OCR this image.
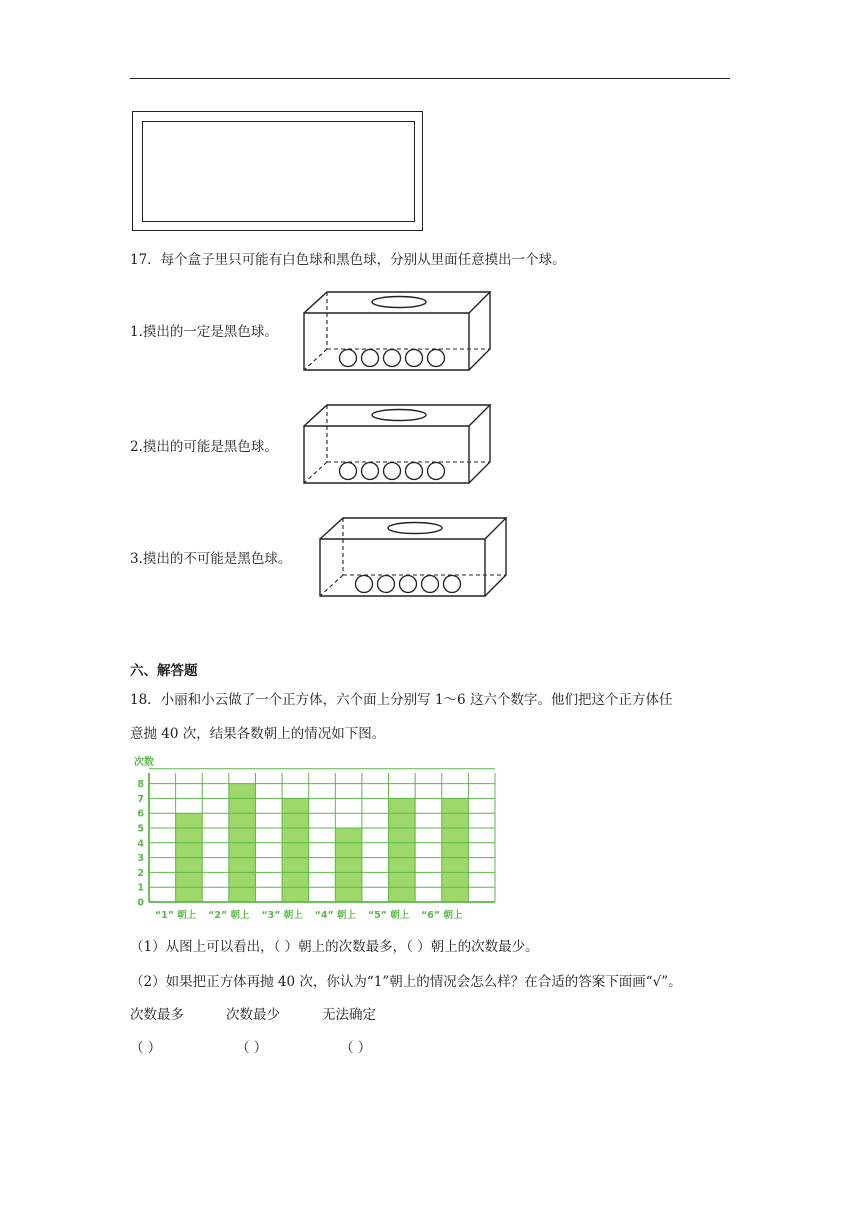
17．每个盒子里只可能有白色球和黑色球，分别从里面任意摸出一个球。
1.摸出的一定是黑色球。
2.摸出的可能是黑色球。
3.摸出的不可能是黑色球。
六、解答题
18．小丽和小云做了一个正方体，六个面上分别写 1～6 这六个数字。他们把这个正方体任
意抛 40 次，结果各数朝上的情况如下图。
次数
0
1
2
3
4
5
6
7
8
“1” 朝上 “2” 朝上 “3” 朝上 “4” 朝上 “5” 朝上 “6” 朝上
（1）从图上可以看出，（ ）朝上的次数最多，（ ）朝上的次数最少。
（2）如果把正方体再抛 40 次，你认为“1”朝上的情况会怎么样？在合适的答案下面画“√”。
次数最多	次数最少	无法确定
（ ）	（ ）	（ ）
